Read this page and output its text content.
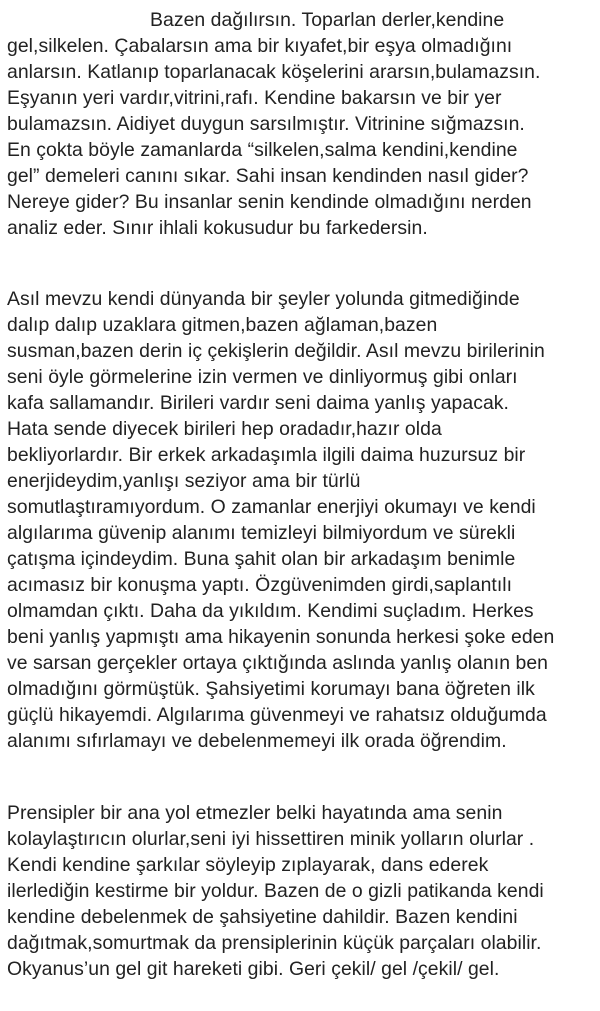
Bazen dağılırsın. Toparlan derler,kendine
gel,silkelen. Çabalarsın ama bir kıyafet,bir eşya olmadığını
anlarsın. Katlanıp toparlanacak köşelerini ararsın,bulamazsın.
Eşyanın yeri vardır,vitrini,rafı. Kendine bakarsın ve bir yer
bulamazsın. Aidiyet duygun sarsılmıştır. Vitrinine sığmazsın.
En çokta böyle zamanlarda “silkelen,salma kendini,kendine
gel” demeleri canını sıkar. Sahi insan kendinden nasıl gider?
Nereye gider? Bu insanlar senin kendinde olmadığını nerden
analiz eder. Sınır ihlali kokusudur bu farkedersin.
Asıl mevzu kendi dünyanda bir şeyler yolunda gitmediğinde
dalıp dalıp uzaklara gitmen,bazen ağlaman,bazen
susman,bazen derin iç çekişlerin değildir. Asıl mevzu birilerinin
seni öyle görmelerine izin vermen ve dinliyormuş gibi onları
kafa sallamandır. Birileri vardır seni daima yanlış yapacak.
Hata sende diyecek birileri hep oradadır,hazır olda
bekliyorlardır. Bir erkek arkadaşımla ilgili daima huzursuz bir
enerjideydim,yanlışı seziyor ama bir türlü
somutlaştıramıyordum. O zamanlar enerjiyi okumayı ve kendi
algılarıma güvenip alanımı temizleyi bilmiyordum ve sürekli
çatışma içindeydim. Buna şahit olan bir arkadaşım benimle
acımasız bir konuşma yaptı. Özgüvenimden girdi,saplantılı
olmamdan çıktı. Daha da yıkıldım. Kendimi suçladım. Herkes
beni yanlış yapmıştı ama hikayenin sonunda herkesi şoke eden
ve sarsan gerçekler ortaya çıktığında aslında yanlış olanın ben
olmadığını görmüştük. Şahsiyetimi korumayı bana öğreten ilk
güçlü hikayemdi. Algılarıma güvenmeyi ve rahatsız olduğumda
alanımı sıfırlamayı ve debelenmemeyi ilk orada öğrendim.
Prensipler bir ana yol etmezler belki hayatında ama senin
kolaylaştırıcın olurlar,seni iyi hissettiren minik yolların olurlar .
Kendi kendine şarkılar söyleyip zıplayarak, dans ederek
ilerlediğin kestirme bir yoldur. Bazen de o gizli patikanda kendi
kendine debelenmek de şahsiyetine dahildir. Bazen kendini
dağıtmak,somurtmak da prensiplerinin küçük parçaları olabilir.
Okyanus’un gel git hareketi gibi. Geri çekil/ gel /çekil/ gel.
